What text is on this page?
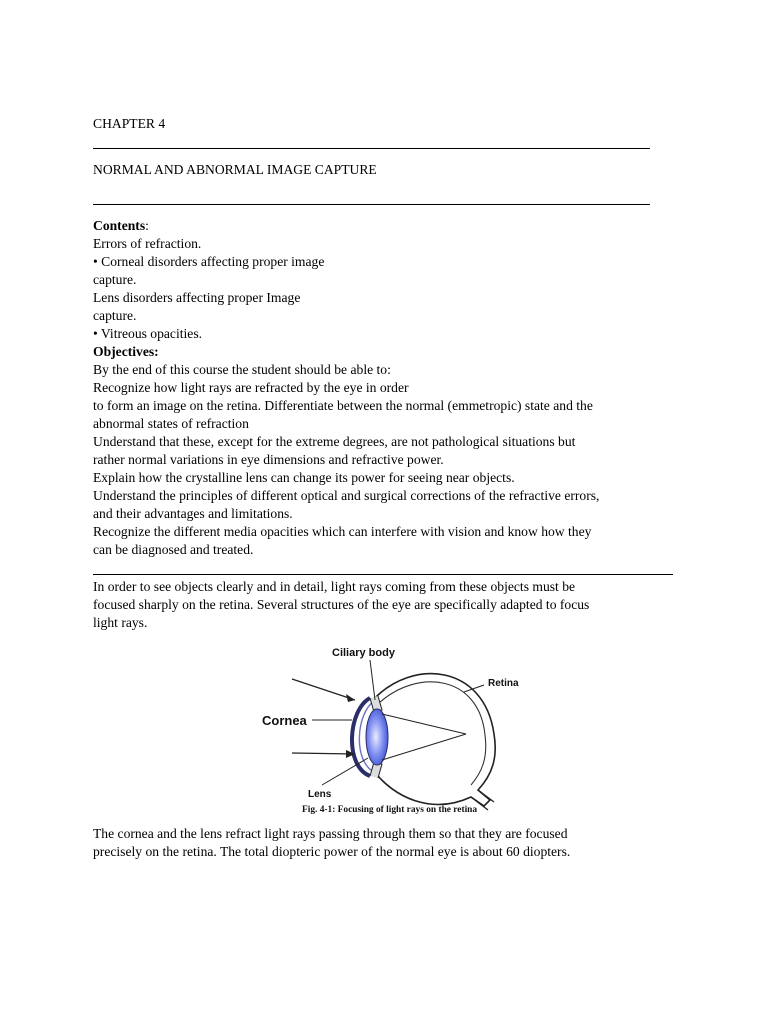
CHAPTER 4
NORMAL AND ABNORMAL IMAGE CAPTURE
Contents:
Errors of refraction.
• Corneal disorders affecting proper image
capture.
Lens disorders affecting proper Image
capture.
• Vitreous opacities.
Objectives:
By the end of this course the student should be able to:
Recognize how light rays are refracted by the eye in order
to form an image on the retina. Differentiate between the normal (emmetropic) state and the
abnormal states of refraction
Understand that these, except for the extreme degrees, are not pathological situations but
rather normal variations in eye dimensions and refractive power.
Explain how the crystalline lens can change its power for seeing near objects.
Understand the principles of different optical and surgical corrections of the refractive errors,
and their advantages and limitations.
Recognize the different media opacities which can interfere with vision and know how they
can be diagnosed and treated.
In order to see objects clearly and in detail, light rays coming from these objects must be
focused sharply on the retina. Several structures of the eye are specifically adapted to focus
light rays.
Ciliary body
Retina
Cornea
Lens
Fig. 4-1: Focusing of light rays on the retina
The cornea and the lens refract light rays passing through them so that they are focused
precisely on the retina. The total diopteric power of the normal eye is about 60 diopters.
